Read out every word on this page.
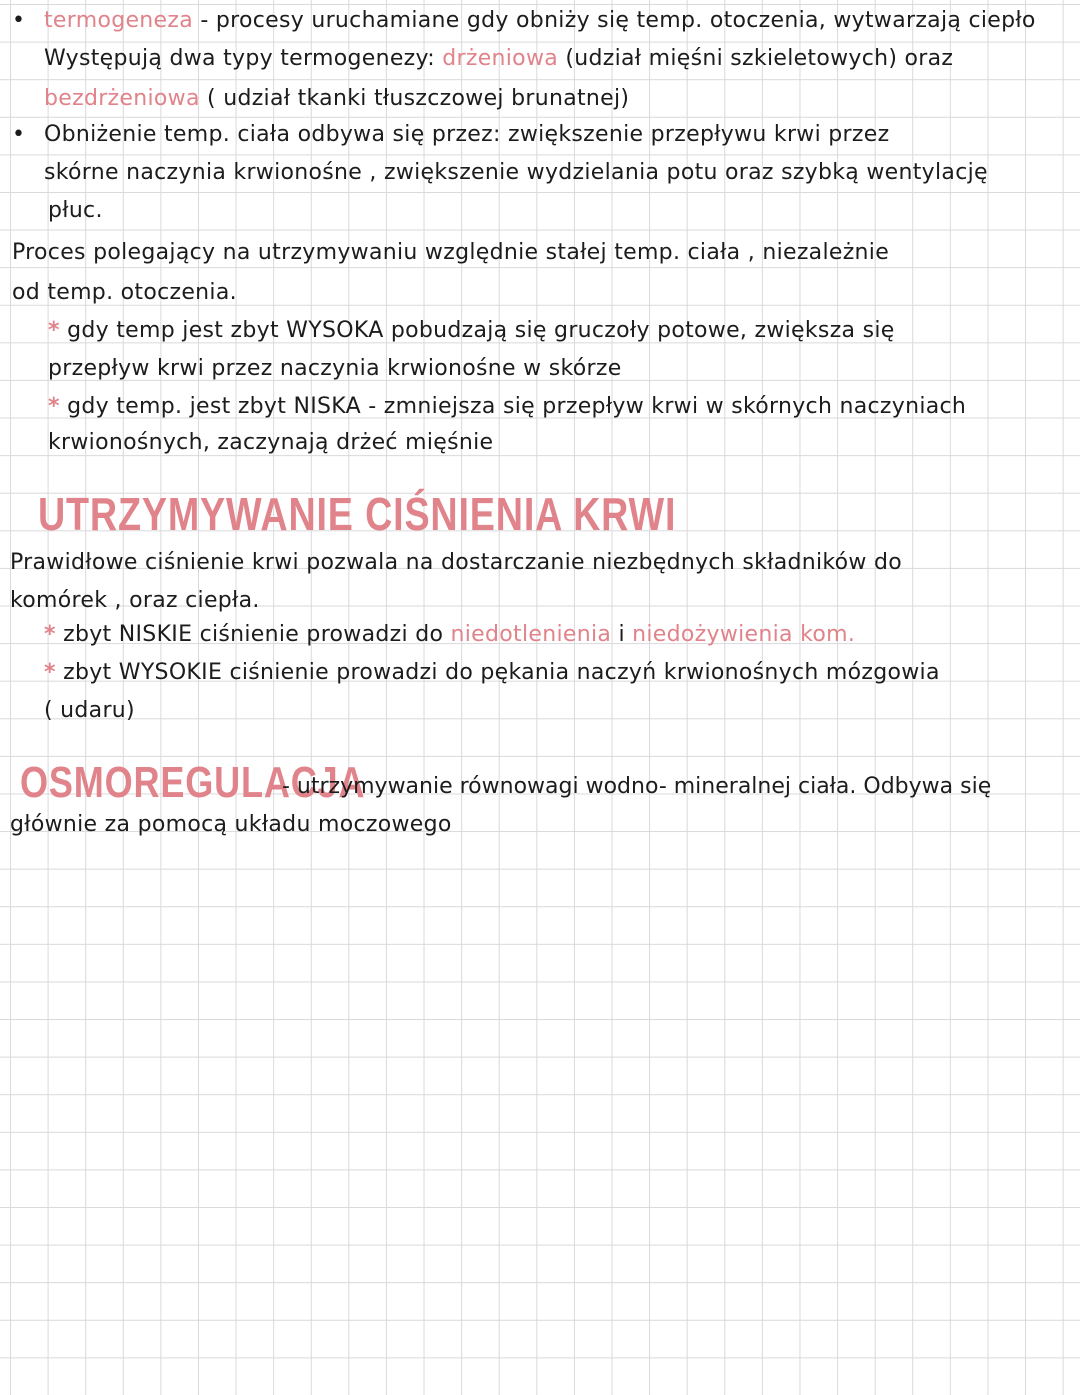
• termogeneza - procesy uruchamiane gdy obniży się temp. otoczenia, wytwarzają ciepło
Występują dwa typy termogenezy: drżeniowa (udział mięśni szkieletowych) oraz
bezdrżeniowa ( udział tkanki tłuszczowej brunatnej)
• Obniżenie temp. ciała odbywa się przez: zwiększenie przepływu krwi przez
skórne naczynia krwionośne , zwiększenie wydzielania potu oraz szybką wentylację
płuc.
Proces polegający na utrzymywaniu względnie stałej temp. ciała , niezależnie
od temp. otoczenia.
* gdy temp jest zbyt WYSOKA pobudzają się gruczoły potowe, zwiększa się
przepływ krwi przez naczynia krwionośne w skórze
* gdy temp. jest zbyt NISKA - zmniejsza się przepływ krwi w skórnych naczyniach
krwionośnych, zaczynają drżeć mięśnie
UTRZYMYWANIE CIŚNIENIA KRWI
Prawidłowe ciśnienie krwi pozwala na dostarczanie niezbędnych składników do
komórek , oraz ciepła.
* zbyt NISKIE ciśnienie prowadzi do niedotlenienia i niedożywienia kom.
* zbyt WYSOKIE ciśnienie prowadzi do pękania naczyń krwionośnych mózgowia
( udaru)
OSMOREGULACJA
- utrzymywanie równowagi wodno- mineralnej ciała. Odbywa się
głównie za pomocą układu moczowego
